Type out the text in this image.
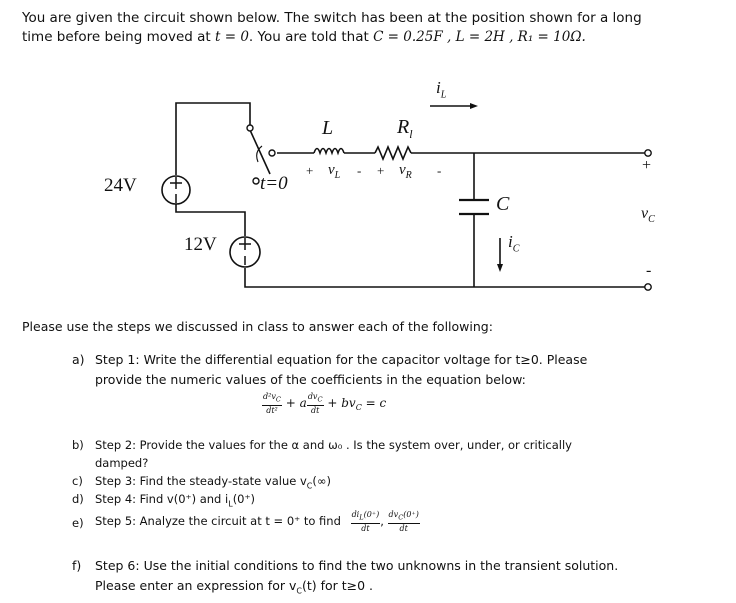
You are given the circuit shown below. The switch has been at the position shown for a long
time before being moved at t = 0. You are told that C = 0.25F , L = 2H , R₁ = 10Ω.
24V
12V
t=0
L	$R_l$
$i_L$
+ $v_L$ - + $v_R$ -
C
$i_C$
$v_C$
+
-
Please use the steps we discussed in class to answer each of the following:
a) Step 1: Write the differential equation for the capacitor voltage for t≥0. Please
provide the numeric values of the coefficients in the equation below:
$\frac{d^2v_C}{\text{dt²}} + a \frac{dv_C}{dt} + bv_C = c$
b) Step 2: Provide the values for the α and ω₀ . Is the system over, under, or critically
damped?
c) Step 3: Find the steady-state value $v_C(\infty)$
d) Step 4: Find v(0⁺) and $i_L(0^+)$
e) Step 5: Analyze the circuit at t = 0⁺ to find $\frac{di_L(0^+)}{dt}$ , $\frac{dv_C(0^+)}{dt}$
f) Step 6: Use the initial conditions to find the two unknowns in the transient solution.
Please enter an expression for $v_C(t)$ for t≥0 .
